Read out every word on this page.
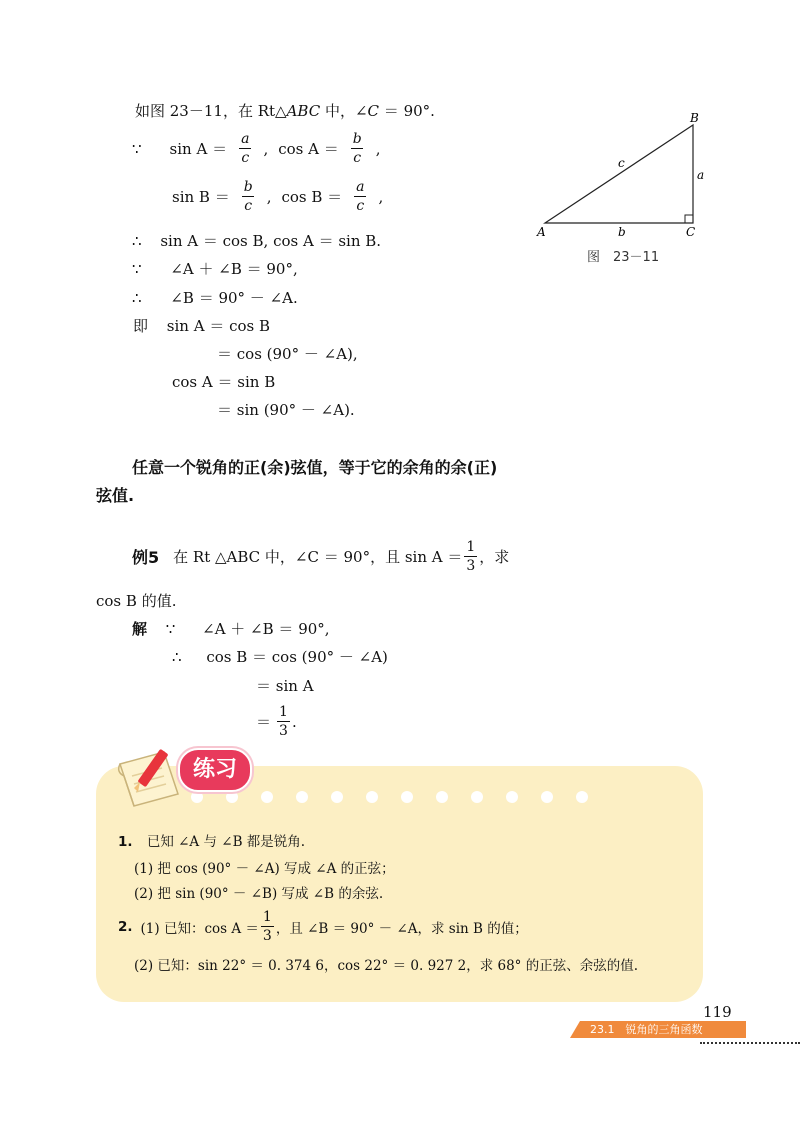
如图 23－11，在 Rt△ABC 中，∠C ＝ 90°.
∵ $\sin A = \frac{a}{c}$ , $\cos A = \frac{b}{c}$ ,
$\sin B = \frac{b}{c}$ , $\cos B = \frac{a}{c}$ ,
∴ sin A ＝ cos B, cos A ＝ sin B.
∵ ∠A ＋ ∠B ＝ 90°,
∴ ∠B ＝ 90° － ∠A.
即 sin A ＝ cos B
＝ cos (90° － ∠A),
cos A ＝ sin B
＝ sin (90° － ∠A).
A
B
C
a
b
c
图　23－11
任意一个锐角的正(余)弦值，等于它的余角的余(正)
弦值.
例5 在 Rt △ABC 中，∠C ＝ 90°，且 $\sin A = \frac{1}{3}$ ，求
cos B 的值.
解 ∵ ∠A ＋ ∠B ＝ 90°,
∴ cos B ＝ cos (90° － ∠A)
＝ sin A
＝ $\frac{1}{3}$ .
练习
1. 已知 ∠A 与 ∠B 都是锐角.
(1) 把 cos (90° － ∠A) 写成 ∠A 的正弦；
(2) 把 sin (90° － ∠B) 写成 ∠B 的余弦.
2. (1) 已知：$\cos A = \frac{1}{3}$ ，且 ∠B ＝ 90° － ∠A，求 sin B 的值；
(2) 已知：sin 22° ＝ 0. 374 6，cos 22° ＝ 0. 927 2，求 68° 的正弦、余弦的值.
119
23.1　锐角的三角函数
